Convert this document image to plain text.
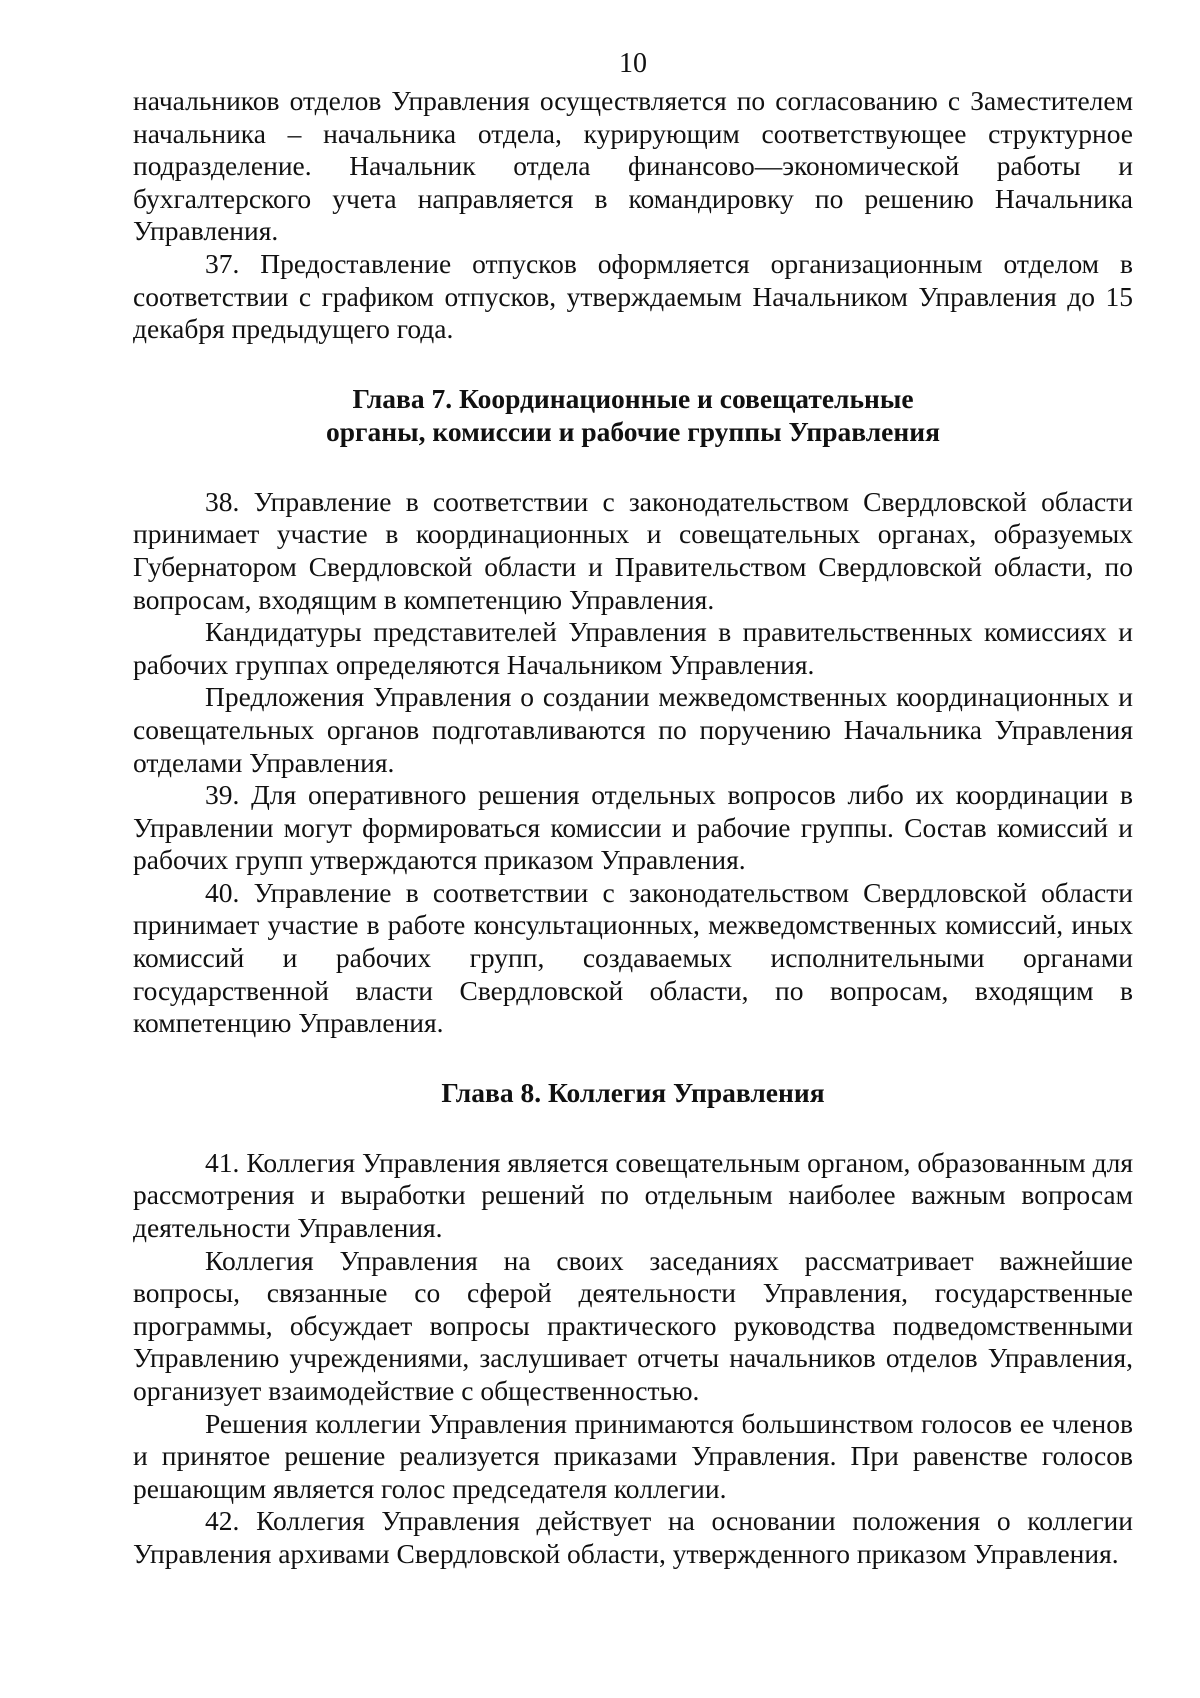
10

начальников отделов Управления осуществляется по согласованию с Заместителем начальника – начальника отдела, курирующим соответствующее структурное подразделение. Начальник отдела финансово—экономической работы и бухгалтерского учета направляется в командировку по решению Начальника Управления.

37. Предоставление отпусков оформляется организационным отделом в соответствии с графиком отпусков, утверждаемым Начальником Управления до 15 декабря предыдущего года.

Глава 7. Координационные и совещательные
органы, комиссии и рабочие группы Управления

38. Управление в соответствии с законодательством Свердловской области принимает участие в координационных и совещательных органах, образуемых Губернатором Свердловской области и Правительством Свердловской области, по вопросам, входящим в компетенцию Управления.

Кандидатуры представителей Управления в правительственных комиссиях и рабочих группах определяются Начальником Управления.

Предложения Управления о создании межведомственных координационных и совещательных органов подготавливаются по поручению Начальника Управления отделами Управления.

39. Для оперативного решения отдельных вопросов либо их координации в Управлении могут формироваться комиссии и рабочие группы. Состав комиссий и рабочих групп утверждаются приказом Управления.

40. Управление в соответствии с законодательством Свердловской области принимает участие в работе консультационных, межведомственных комиссий, иных комиссий и рабочих групп, создаваемых исполнительными органами государственной власти Свердловской области, по вопросам, входящим в компетенцию Управления.

Глава 8. Коллегия Управления

41. Коллегия Управления является совещательным органом, образованным для рассмотрения и выработки решений по отдельным наиболее важным вопросам деятельности Управления.

Коллегия Управления на своих заседаниях рассматривает важнейшие вопросы, связанные со сферой деятельности Управления, государственные программы, обсуждает вопросы практического руководства подведомственными Управлению учреждениями, заслушивает отчеты начальников отделов Управления, организует взаимодействие с общественностью.

Решения коллегии Управления принимаются большинством голосов ее членов и принятое решение реализуется приказами Управления. При равенстве голосов решающим является голос председателя коллегии.

42. Коллегия Управления действует на основании положения о коллегии Управления архивами Свердловской области, утвержденного приказом Управления.
